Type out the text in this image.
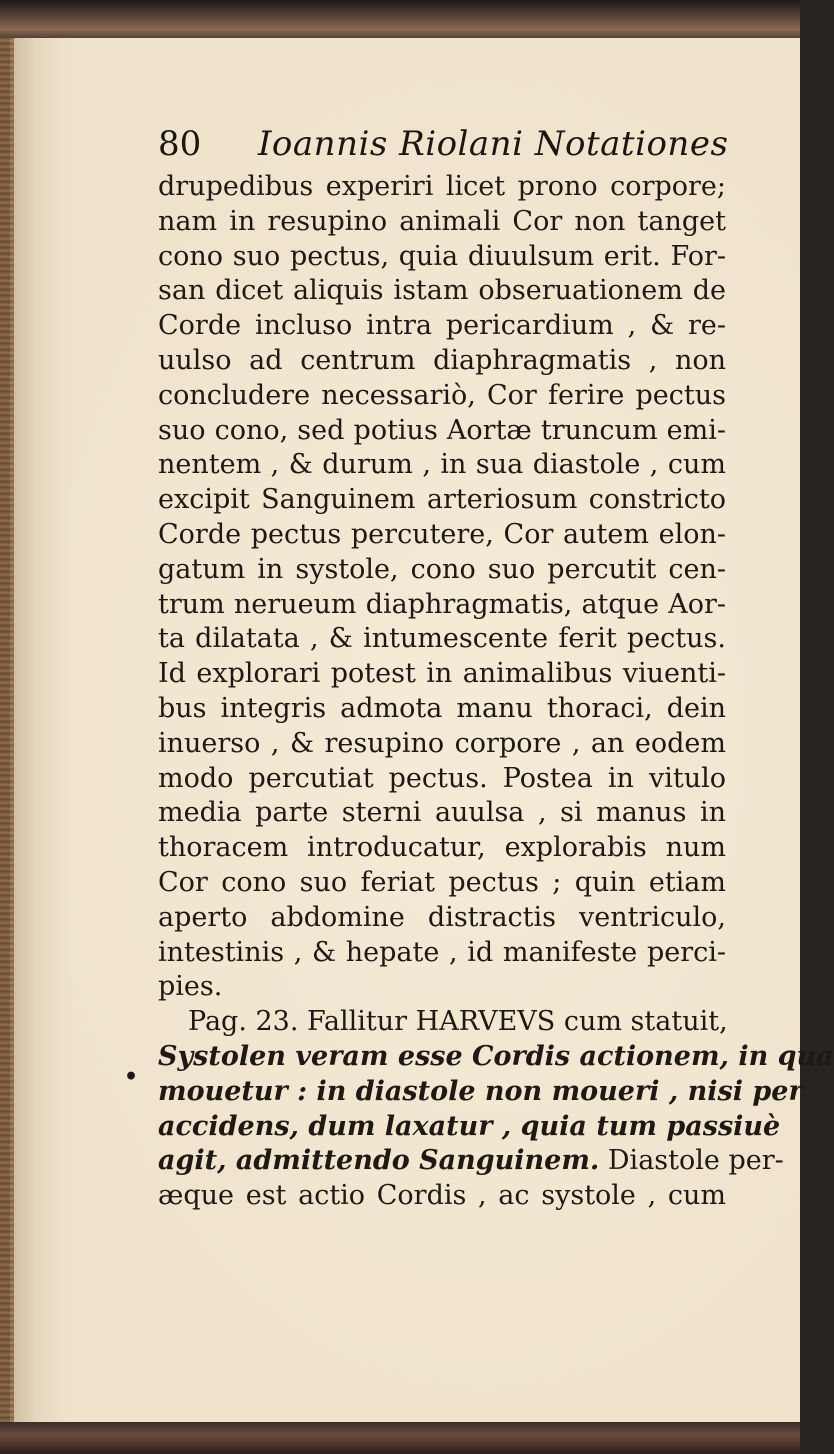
80 Ioannis Riolani Notationes
•
drupedibus experiri licet prono corpore;
nam in resupino animali Cor non tanget
cono suo pectus, quia diuulsum erit. For-
san dicet aliquis istam obseruationem de
Corde incluso intra pericardium , & re-
uulso ad centrum diaphragmatis , non
concludere necessariò, Cor ferire pectus
suo cono, sed potius Aortæ truncum emi-
nentem , & durum , in sua diastole , cum
excipit Sanguinem arteriosum constricto
Corde pectus percutere, Cor autem elon-
gatum in systole, cono suo percutit cen-
trum nerueum diaphragmatis, atque Aor-
ta dilatata , & intumescente ferit pectus.
Id explorari potest in animalibus viuenti-
bus integris admota manu thoraci, dein
inuerso , & resupino corpore , an eodem
modo percutiat pectus. Postea in vitulo
media parte sterni auulsa , si manus in
thoracem introducatur, explorabis num
Cor cono suo feriat pectus ; quin etiam
aperto abdomine distractis ventriculo,
intestinis , & hepate , id manifeste perci-
pies.
Pag. 23. Fallitur HARVEVS cum statuit,
Systolen veram esse Cordis actionem, in qua
mouetur : in diastole non moueri , nisi per
accidens, dum laxatur , quia tum passiuè
agit, admittendo Sanguinem. Diastole per-
æque est actio Cordis , ac systole , cum
